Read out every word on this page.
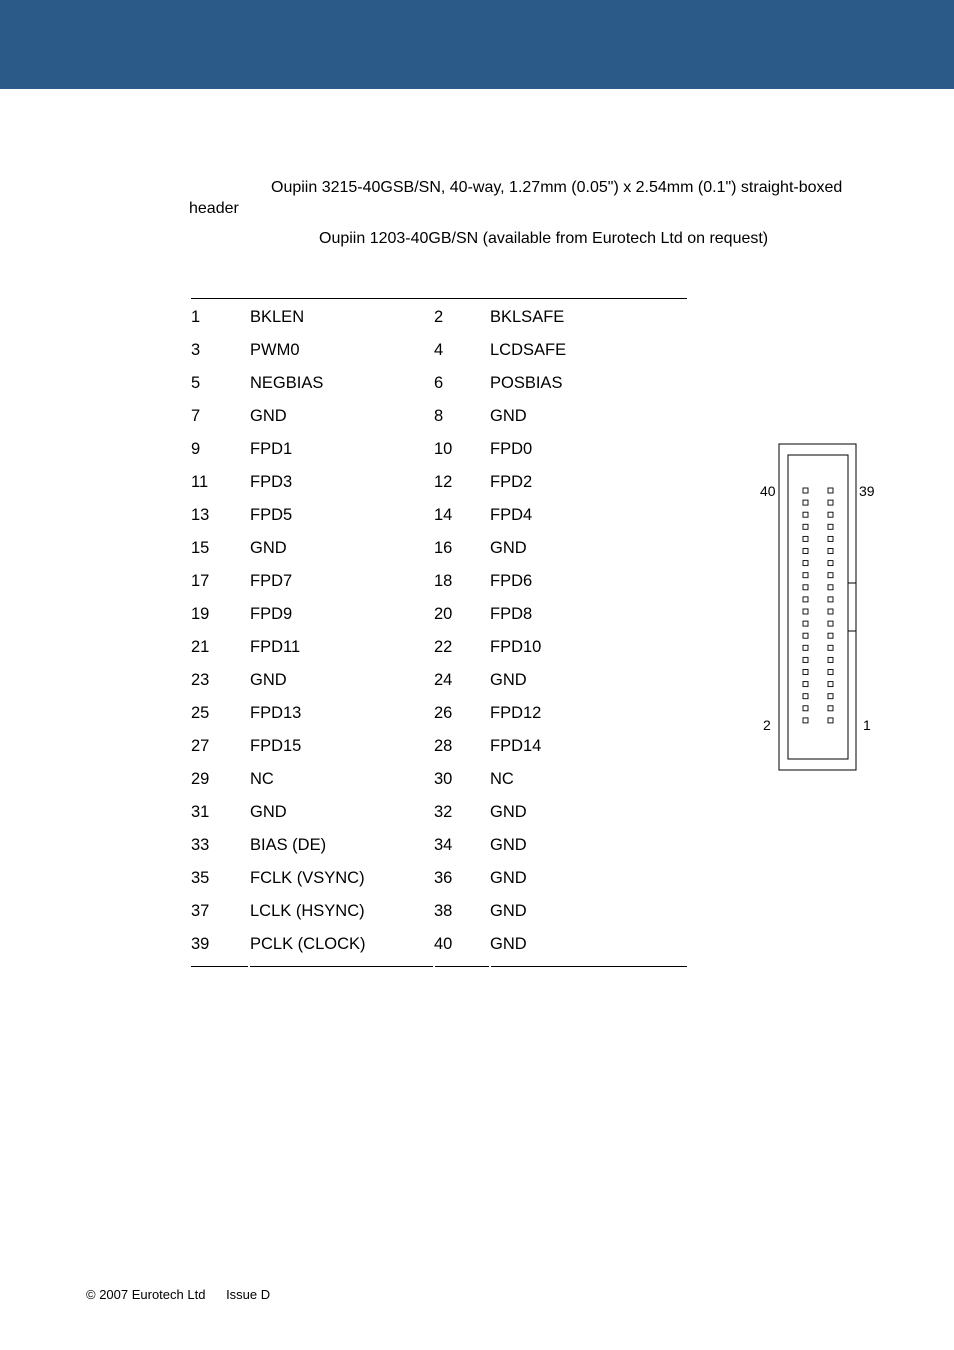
Oupiin 3215-40GSB/SN, 40-way, 1.27mm (0.05") x 2.54mm (0.1") straight-boxed header
Oupiin 1203-40GB/SN (available from Eurotech Ltd on request)
1	BKLEN	2	BKLSAFE
3	PWM0	4	LCDSAFE
5	NEGBIAS	6	POSBIAS
7	GND	8	GND
9	FPD1	10 FPD0
11	FPD3	12 FPD2
13 FPD5	14 FPD4
15 GND	16 GND
17 FPD7	18 FPD6
19 FPD9	20 FPD8
21 FPD11	22 FPD10
23 GND	24 GND
25 FPD13	26 FPD12
27 FPD15	28 FPD14
29 NC	30 NC
31 GND	32 GND
33 BIAS (DE)	34 GND
35 FCLK (VSYNC)	36 GND
37 LCLK (HSYNC)	38 GND
39 PCLK (CLOCK)	40 GND
40	39
2	1
© 2007 Eurotech Ltd Issue D
